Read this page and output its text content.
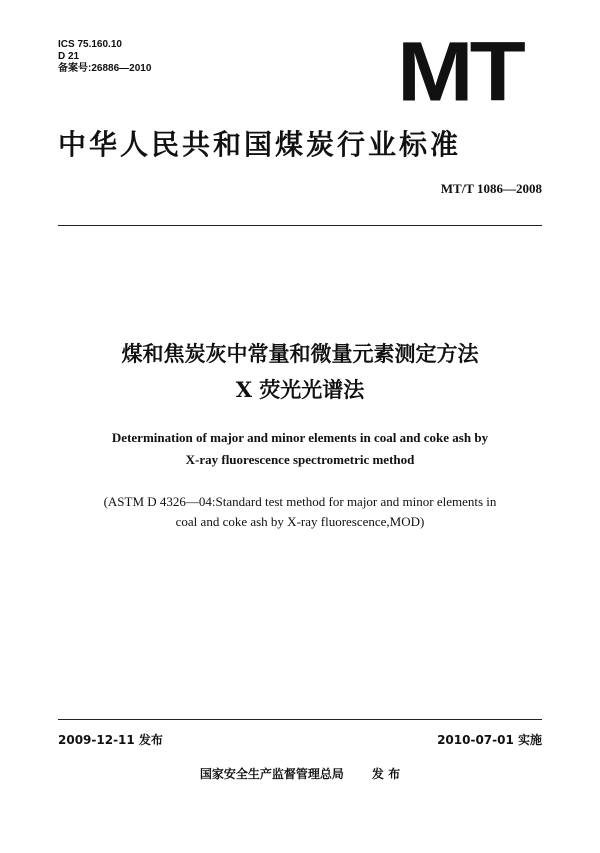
ICS 75.160.10
D 21
备案号:26886—2010	MT
中华人民共和国煤炭行业标准
MT/T 1086—2008
煤和焦炭灰中常量和微量元素测定方法
X 荧光光谱法
Determination of major and minor elements in coal and coke ash by
X-ray fluorescence spectrometric method
(ASTM D 4326—04:Standard test method for major and minor elements in
coal and coke ash by X-ray fluorescence,MOD)
2009-12-11 发布	2010-07-01 实施
国家安全生产监督管理总局 发 布
